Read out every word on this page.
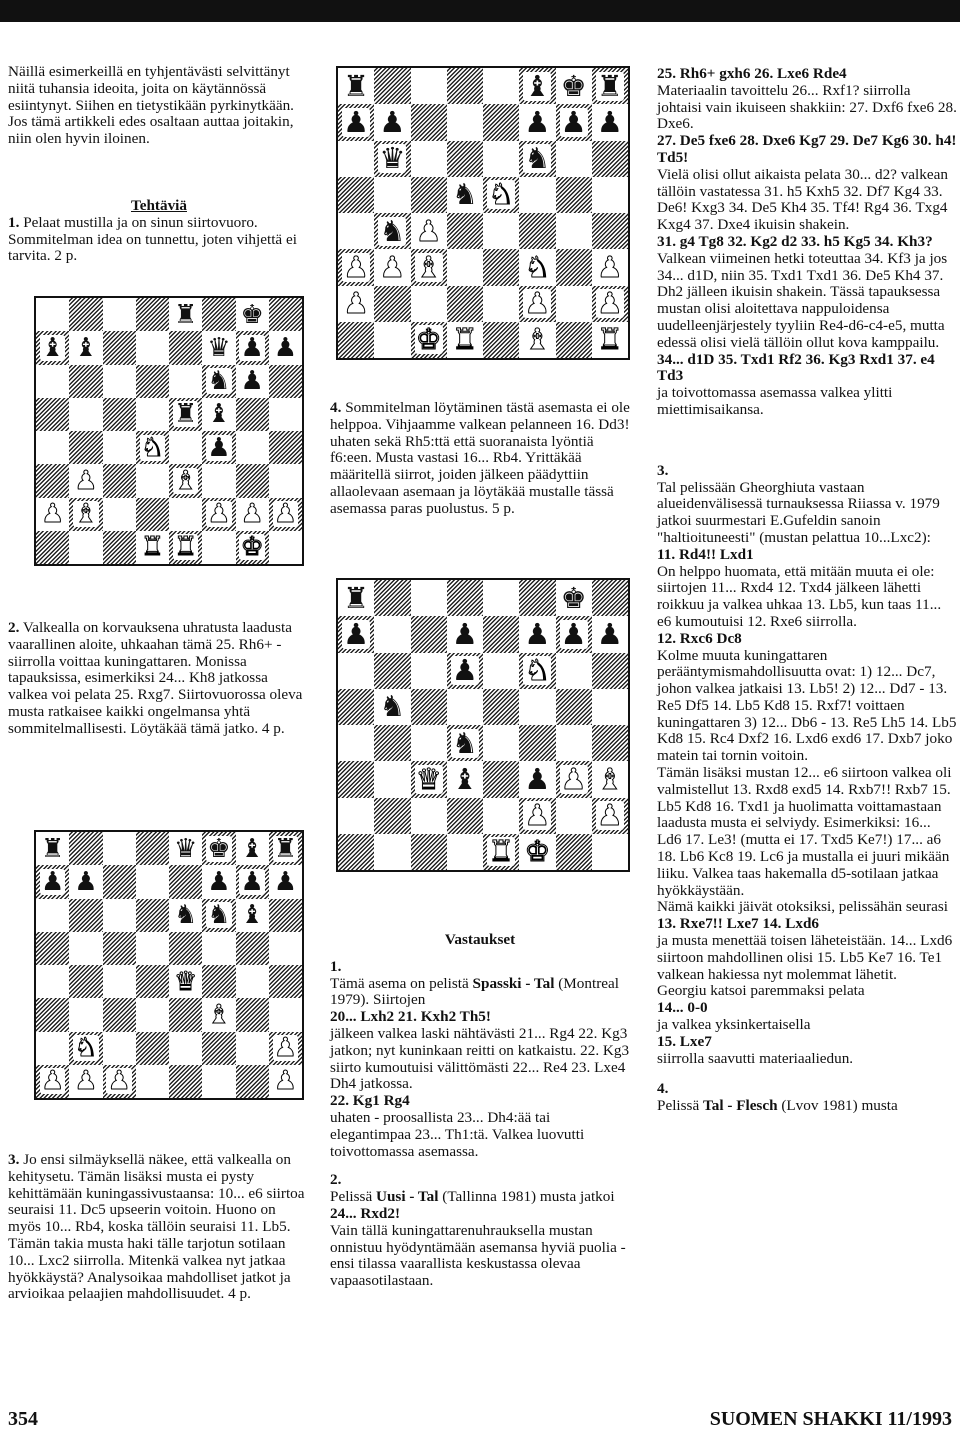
Näillä esimerkeillä en tyhjentävästi selvittänyt niitä tuhansia ideoita, joita on käytännössä esiintynyt. Siihen en tietystikään pyrkinytkään. Jos tämä artikkeli edes osaltaan auttaa joitakin, niin olen hyvin iloinen.

Tehtäviä

1. Pelaat mustilla ja on sinun siirtovuoro. Sommitelman idea on tunnettu, joten vihjettä ei tarvita. 2 p.

♜ ♚
♝ ♝	♛ ♟ ♟
♞ ♟
♜ ♝
♞ ♟
♟	♝
♟ ♝	♟ ♟ ♟
♜ ♜ ♚

2. Valkealla on korvauksena uhratusta laadusta vaarallinen aloite, uhkaahan tämä 25. Rh6+ -siirrolla voittaa kuningattaren. Monissa tapauksissa, esimerkiksi 24... Kh8 jatkossa valkea voi pelata 25. Rxg7. Siirtovuorossa oleva musta ratkaisee kaikki ongelmansa yhtä sommitelmallisesti. Löytäkää tämä jatko. 4 p.

♜	♛ ♚ ♝ ♜
♟ ♟	♟ ♟ ♟
♞ ♞ ♝
♛
♝
♞	♟
♟ ♟ ♟	♟

3. Jo ensi silmäyksellä näkee, että valkealla on kehitysetu. Tämän lisäksi musta ei pysty kehittämään kuningassivustaansa: 10... e6 siirtoa seuraisi 11. Dc5 upseerin voitoin. Huono on myös 10... Rb4, koska tällöin seuraisi 11. Lb5.

Tämän takia musta haki tälle tarjotun sotilaan 10... Lxc2 siirrolla. Mitenkä valkea nyt jatkaa hyökkäystä? Analysoikaa mahdolliset jatkot ja arvioikaa pelaajien mahdollisuudet. 4 p.

♜	♝ ♚ ♜
♟ ♟	♟ ♟ ♟
♛	♞
♞ ♞
♞ ♟
♟ ♟ ♝	♞ ♟
♟	♟ ♟
♚ ♜ ♝ ♜

4. Sommitelman löytäminen tästä asemasta ei ole helppoa. Vihjaamme valkean pelanneen 16. Dd3! uhaten sekä Rh5:ttä että suoranaista lyöntiä f6:een. Musta vastasi 16... Rb4. Yrittäkää määritellä siirrot, joiden jälkeen päädyttiin allaolevaan asemaan ja löytäkää mustalle tässä asemassa paras puolustus. 5 p.

♜	♚
♟	♟ ♟ ♟ ♟
♟ ♞
♞
♞
♛ ♝ ♟ ♟ ♝
♟ ♟
♜ ♚

Vastaukset

1.

Tämä asema on pelistä Spasski - Tal (Montreal 1979). Siirtojen

20... Lxh2 21. Kxh2 Th5!

jälkeen valkea laski nähtävästi 21... Rg4 22. Kg3 jatkon; nyt kuninkaan reitti on katkaistu. 22. Kg3 siirto kumoutuisi välittömästi 22... Re4 23. Lxe4 Dh4 jatkossa.

22. Kg1 Rg4

uhaten - proosallista 23... Dh4:ää tai elegantimpaa 23... Th1:tä. Valkea luovutti toivottomassa asemassa.

2.

Pelissä Uusi - Tal (Tallinna 1981) musta jatkoi

24... Rxd2!

Vain tällä kuningattarenuhrauksella mustan onnistuu hyödyntämään asemansa hyviä puolia - ensi tilassa vaarallista keskustassa olevaa vapaasotilastaan.

25. Rh6+ gxh6 26. Lxe6 Rde4

Materiaalin tavoittelu 26... Rxf1? siirrolla johtaisi vain ikuiseen shakkiin: 27. Dxf6 fxe6 28. Dxe6.

27. De5 fxe6 28. Dxe6 Kg7 29. De7 Kg6 30. h4! Td5!

Vielä olisi ollut aikaista pelata 30... d2? valkean tällöin vastatessa 31. h5 Kxh5 32. Df7 Kg4 33. De6! Kxg3 34. De5 Kh4 35. Tf4! Rg4 36. Txg4 Kxg4 37. Dxe4 ikuisin shakein.

31. g4 Tg8 32. Kg2 d2 33. h5 Kg5 34. Kh3?

Valkean viimeinen hetki toteuttaa 34. Kf3 ja jos 34... d1D, niin 35. Txd1 Txd1 36. De5 Kh4 37. Dh2 jälleen ikuisin shakein. Tässä tapauksessa mustan olisi aloitettava nappuloidensa uudelleenjärjestely tyyliin Re4-d6-c4-e5, mutta edessä olisi vielä tällöin ollut kova kamppailu.

34... d1D 35. Txd1 Rf2 36. Kg3 Rxd1 37. e4 Td3

ja toivottomassa asemassa valkea ylitti miettimisaikansa.

3.

Tal pelissään Gheorghiuta vastaan alueidenvälisessä turnauksessa Riiassa v. 1979 jatkoi suurmestari E.Gufeldin sanoin "haltioituneesti" (mustan pelattua 10...Lxc2):

11. Rd4!! Lxd1

On helppo huomata, että mitään muuta ei ole: siirtojen 11... Rxd4 12. Txd4 jälkeen lähetti roikkuu ja valkea uhkaa 13. Lb5, kun taas 11... e6 kumoutuisi 12. Rxe6 siirrolla.

12. Rxc6 Dc8

Kolme muuta kuningattaren perääntymismahdollisuutta ovat: 1) 12... Dc7, johon valkea jatkaisi 13. Lb5! 2) 12... Dd7 - 13. Re5 Df5 14. Lb5 Kd8 15. Rxf7! voittaen kuningattaren 3) 12... Db6 - 13. Re5 Lh5 14. Lb5 Kd8 15. Rc4 Dxf2 16. Lxd6 exd6 17. Dxb7 joko matein tai tornin voitoin.

Tämän lisäksi mustan 12... e6 siirtoon valkea oli valmistellut 13. Rxd8 exd5 14. Rxb7!! Rxb7 15. Lb5 Kd8 16. Txd1 ja huolimatta voittamastaan laadusta musta ei selviydy. Esimerkiksi: 16... Ld6 17. Le3! (mutta ei 17. Txd5 Ke7!) 17... a6 18. Lb6 Kc8 19. Lc6 ja mustalla ei juuri mikään liiku. Valkea taas hakemalla d5-sotilaan jatkaa hyökkäystään.

Nämä kaikki jäivät otoksiksi, pelissähän seurasi

13. Rxe7!! Lxe7 14. Lxd6

ja musta menettää toisen läheteistään. 14... Lxd6 siirtoon mahdollinen olisi 15. Lb5 Ke7 16. Te1 valkean hakiessa nyt molemmat lähetit.

Georgiu katsoi paremmaksi pelata

14... 0-0

ja valkea yksinkertaisella

15. Lxe7

siirrolla saavutti materiaaliedun.

4.

Pelissä Tal - Flesch (Lvov 1981) musta

354	SUOMEN SHAKKI 11/1993
